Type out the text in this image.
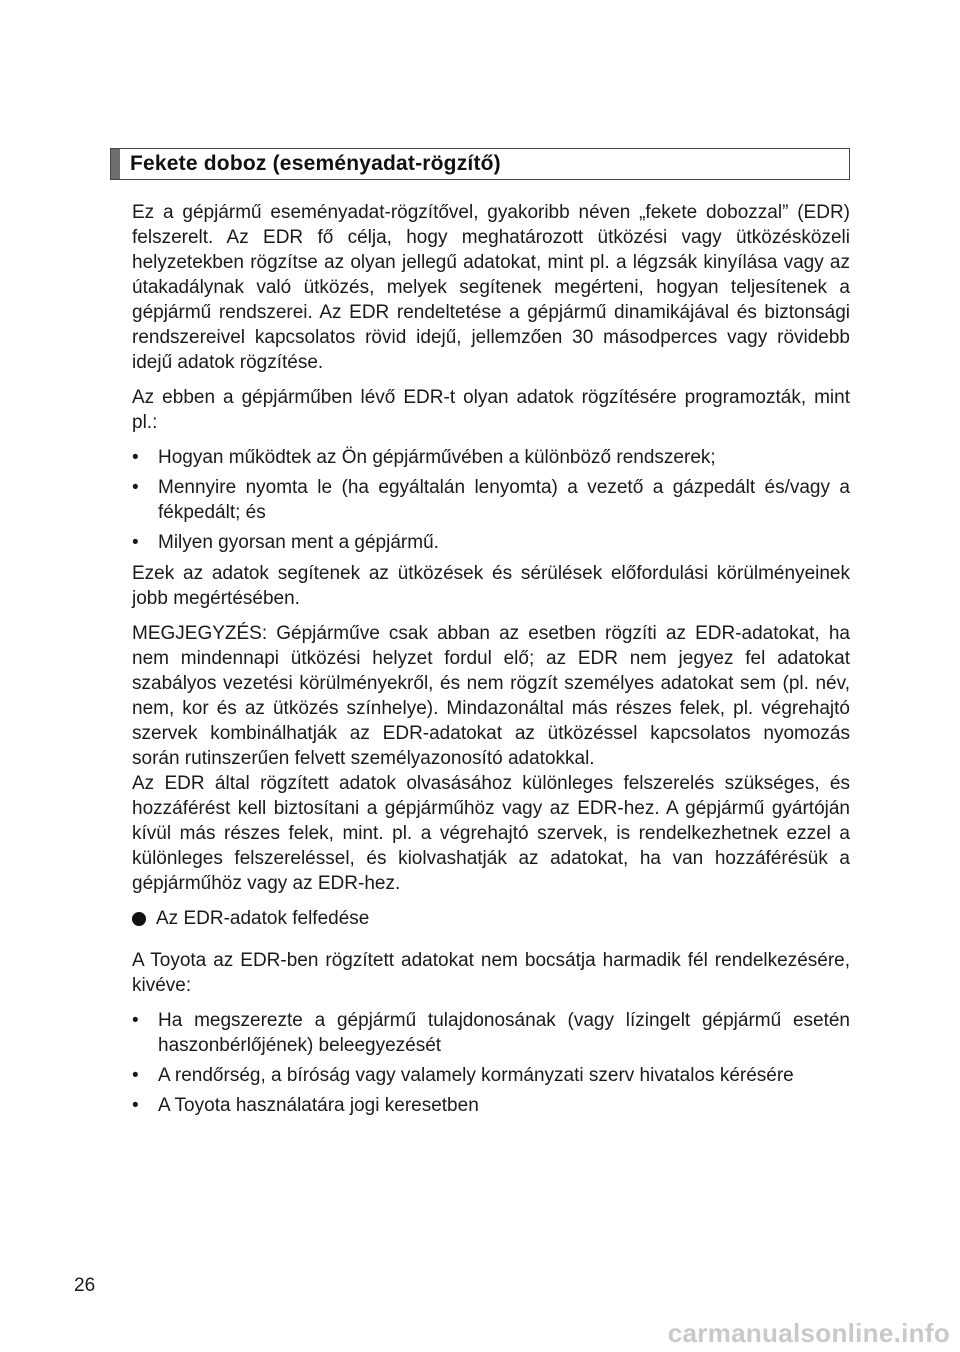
Fekete doboz (eseményadat-rögzítő)

Ez a gépjármű eseményadat-rögzítővel, gyakoribb néven „fekete dobozzal” (EDR) felszerelt. Az EDR fő célja, hogy meghatározott ütközési vagy ütközésközeli helyzetekben rögzítse az olyan jellegű adatokat, mint pl. a légzsák kinyílása vagy az útakadálynak való ütközés, melyek segítenek megérteni, hogyan teljesítenek a gépjármű rendszerei. Az EDR rendeltetése a gépjármű dinamikájával és biztonsági rendszereivel kapcsolatos rövid idejű, jellemzően 30 másodperces vagy rövidebb idejű adatok rögzítése.

Az ebben a gépjárműben lévő EDR-t olyan adatok rögzítésére programozták, mint pl.:

• Hogyan működtek az Ön gépjárművében a különböző rendszerek;
• Mennyire nyomta le (ha egyáltalán lenyomta) a vezető a gázpedált és/vagy a fékpedált; és
• Milyen gyorsan ment a gépjármű.

Ezek az adatok segítenek az ütközések és sérülések előfordulási körülményeinek jobb megértésében.

MEGJEGYZÉS: Gépjárműve csak abban az esetben rögzíti az EDR-adatokat, ha nem mindennapi ütközési helyzet fordul elő; az EDR nem jegyez fel adatokat szabályos vezetési körülményekről, és nem rögzít személyes adatokat sem (pl. név, nem, kor és az ütközés színhelye). Mindazonáltal más részes felek, pl. végrehajtó szervek kombinálhatják az EDR-adatokat az ütközéssel kapcsolatos nyomozás során rutinszerűen felvett személyazonosító adatokkal.

Az EDR által rögzített adatok olvasásához különleges felszerelés szükséges, és hozzáférést kell biztosítani a gépjárműhöz vagy az EDR-hez. A gépjármű gyártóján kívül más részes felek, mint. pl. a végrehajtó szervek, is rendelkezhetnek ezzel a különleges felszereléssel, és kiolvashatják az adatokat, ha van hozzáférésük a gépjárműhöz vagy az EDR-hez.

Az EDR-adatok felfedése

A Toyota az EDR-ben rögzített adatokat nem bocsátja harmadik fél rendelkezésére, kivéve:

• Ha megszerezte a gépjármű tulajdonosának (vagy lízingelt gépjármű esetén haszonbérlőjének) beleegyezését
• A rendőrség, a bíróság vagy valamely kormányzati szerv hivatalos kérésére
• A Toyota használatára jogi keresetben
26
carmanualsonline.info
